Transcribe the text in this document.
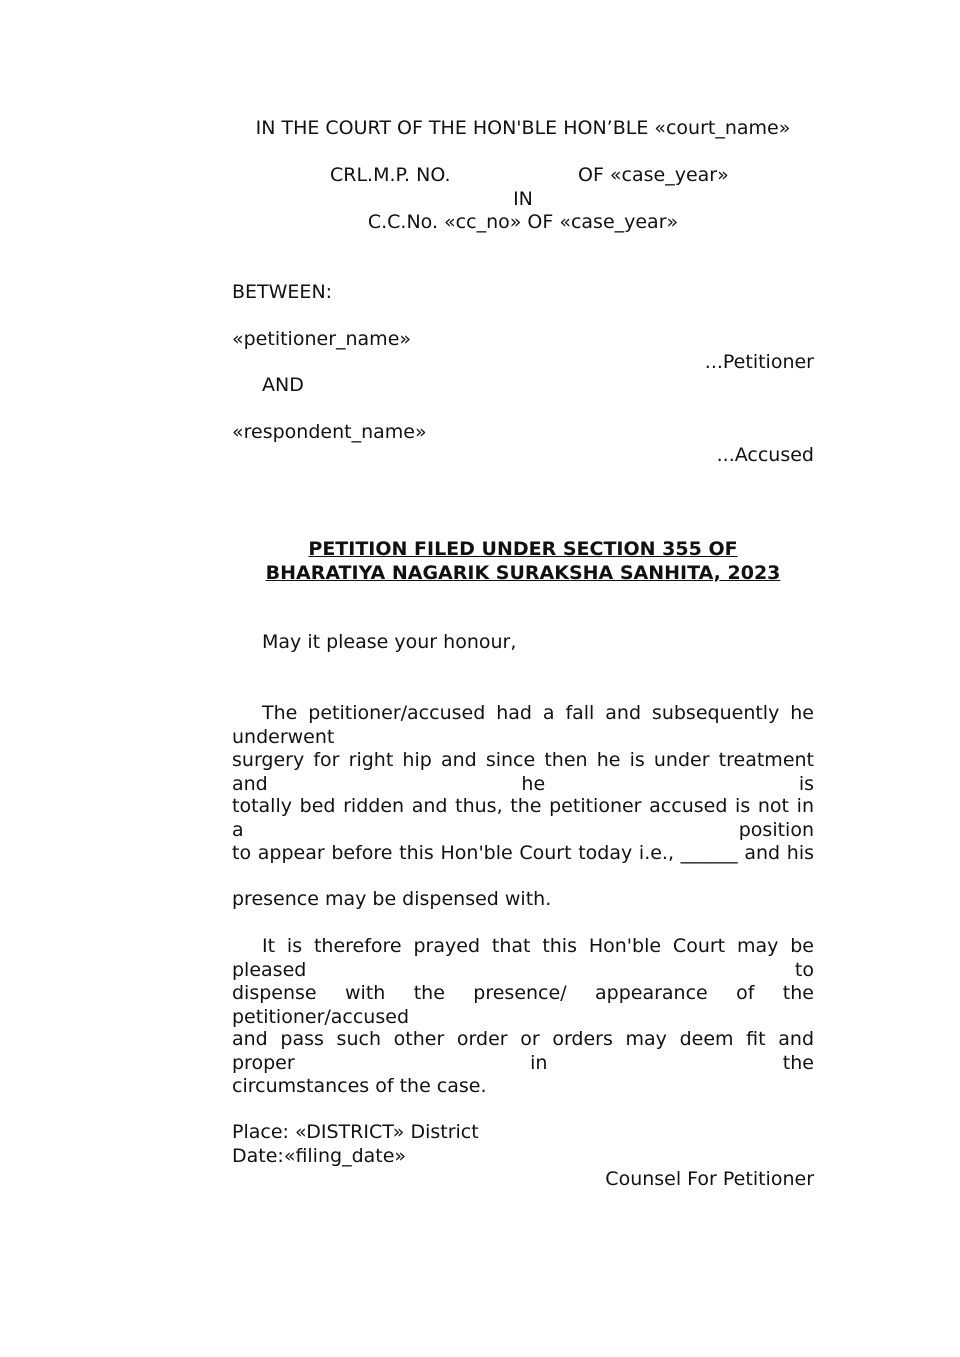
IN THE COURT OF THE HON'BLE HON’BLE «court_name»
CRL.M.P. NO.	OF «case_year»
IN
C.C.No. «cc_no» OF «case_year»
BETWEEN:
«petitioner_name»
...Petitioner
AND
«respondent_name»
...Accused
PETITION FILED UNDER SECTION 355 OF
BHARATIYA NAGARIK SURAKSHA SANHITA, 2023
May it please your honour,
The petitioner/accused had a fall and subsequently he underwent
surgery for right hip and since then he is under treatment and he is
totally bed ridden and thus, the petitioner accused is not in a position
to appear before this Hon'ble Court today i.e., ______ and his
presence may be dispensed with.
It is therefore prayed that this Hon'ble Court may be pleased to
dispense with the presence/ appearance of the petitioner/accused
and pass such other order or orders may deem fit and proper in the
circumstances of the case.
Place: «DISTRICT» District
Date:«filing_date»
Counsel For Petitioner
